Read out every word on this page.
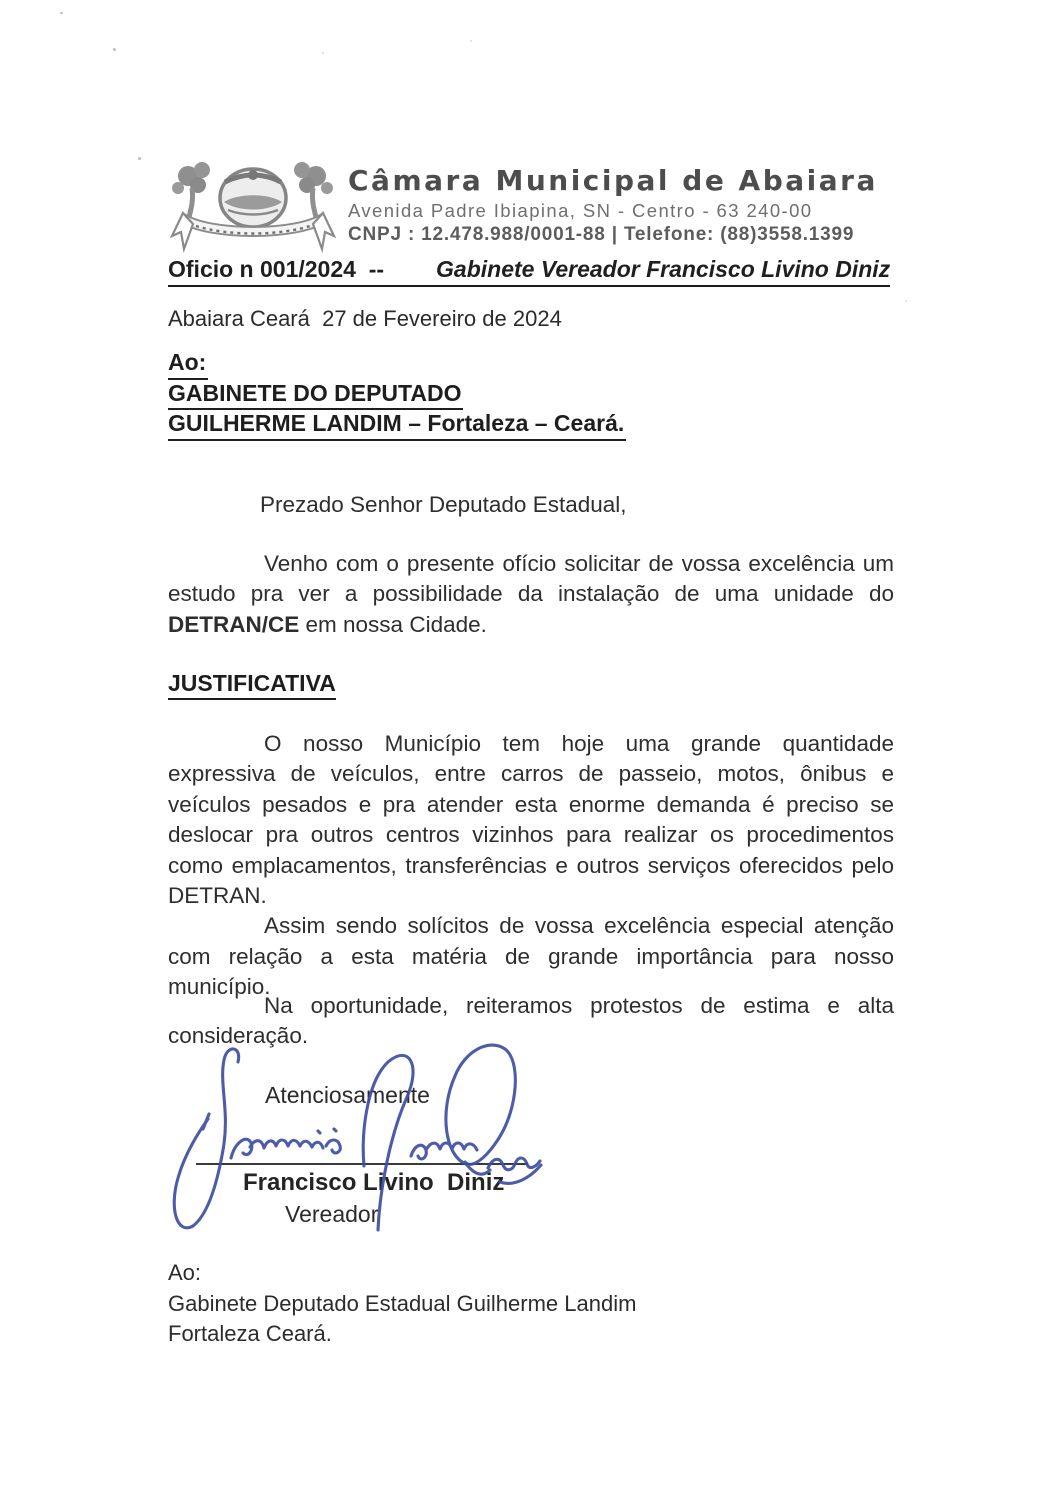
Câmara Municipal de Abaiara
Avenida Padre Ibiapina, SN - Centro - 63 240-00
CNPJ : 12.478.988/0001-88 | Telefone: (88)3558.1399
Oficio n 001/2024  -- Gabinete Vereador Francisco Livino Diniz
Abaiara Ceará  27 de Fevereiro de 2024
Ao:
GABINETE DO DEPUTADO
GUILHERME LANDIM – Fortaleza – Ceará.
Prezado Senhor Deputado Estadual,

Venho com o presente ofício solicitar de vossa excelência um estudo pra ver a possibilidade da instalação de uma unidade do DETRAN/CE em nossa Cidade.

JUSTIFICATIVA

O nosso Município tem hoje uma grande quantidade expressiva de veículos, entre carros de passeio, motos, ônibus e veículos pesados e pra atender esta enorme demanda é preciso se deslocar pra outros centros vizinhos para realizar os procedimentos como emplacamentos, transferências e outros serviços oferecidos pelo DETRAN.

Assim sendo solícitos de vossa excelência especial atenção com relação a esta matéria de grande importância para nosso município.

Na oportunidade, reiteramos protestos de estima e alta consideração.

Atenciosamente
Francisco Livino  Diniz
Vereador
Ao:
Gabinete Deputado Estadual Guilherme Landim
Fortaleza Ceará.
